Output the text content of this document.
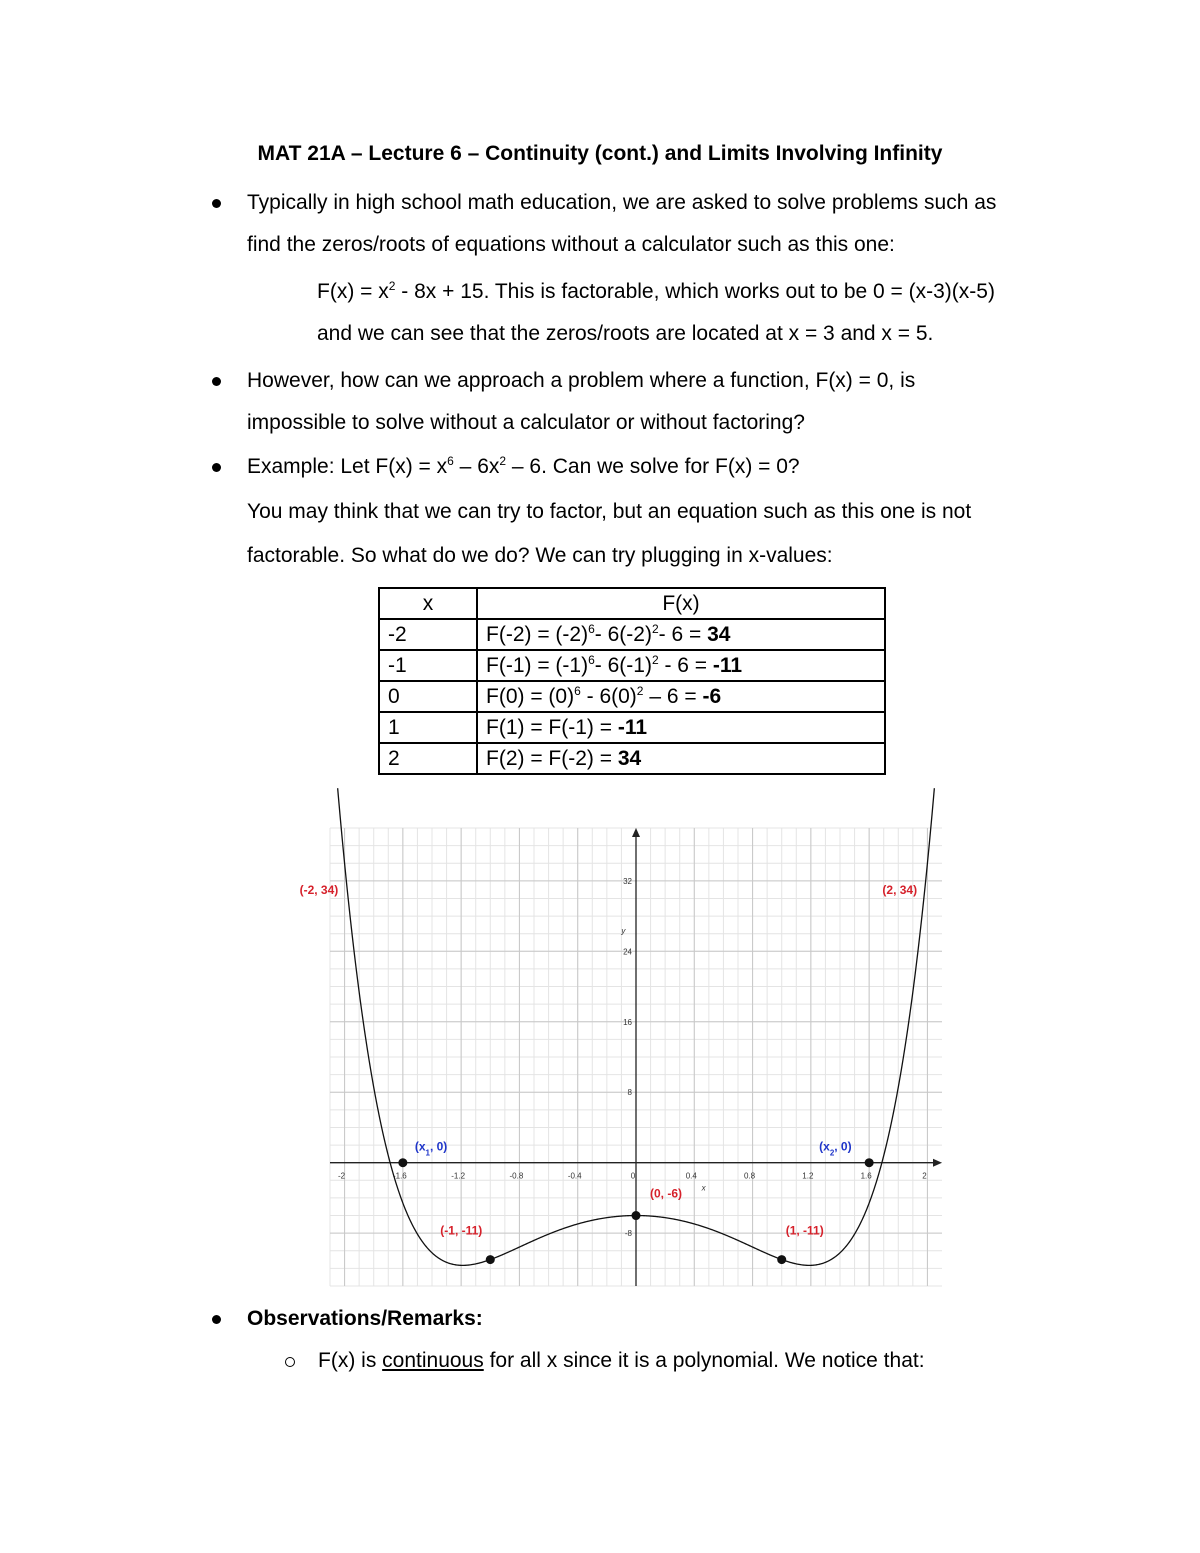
MAT 21A – Lecture 6 – Continuity (cont.) and Limits Involving Infinity
Typically in high school math education, we are asked to solve problems such as
find the zeros/roots of equations without a calculator such as this one:
$F(x) = x^2 - 8x + 15$. This is factorable, which works out to be 0 = (x-3)(x-5)
and we can see that the zeros/roots are located at x = 3 and x = 5.
However, how can we approach a problem where a function, F(x) = 0, is
impossible to solve without a calculator or without factoring?
Example: Let $F(x) = x^6 - 6x^2 - 6$. Can we solve for F(x) = 0?
You may think that we can try to factor, but an equation such as this one is not
factorable. So what do we do? We can try plugging in x-values:
x	F(x)
-2	$F(-2) = (-2)^6-$ $6(-2)^2-$ 6 = 34
-1	$F(-1) = (-1)^6-$ $6(-1)^2 - 6 = -11$
0	$F(0) = (0)^6 - 6(0)^2 - 6 = -6$
1	F(1) = F(-1) = -11
2	F(2) = F(-2) = 34
-2	-1.6	-1.2	-0.8	-0.4	0	0.4	0.8	1.2	1.6	2
-8
8
16
24
32
x
y
(-2, 34)	(2, 34)
($x_1$, 0)	($x_2$, 0)
(0, -6)
(-1, -11)	(1, -11)
Observations/Remarks:
F(x) is continuous for all x since it is a polynomial. We notice that:
